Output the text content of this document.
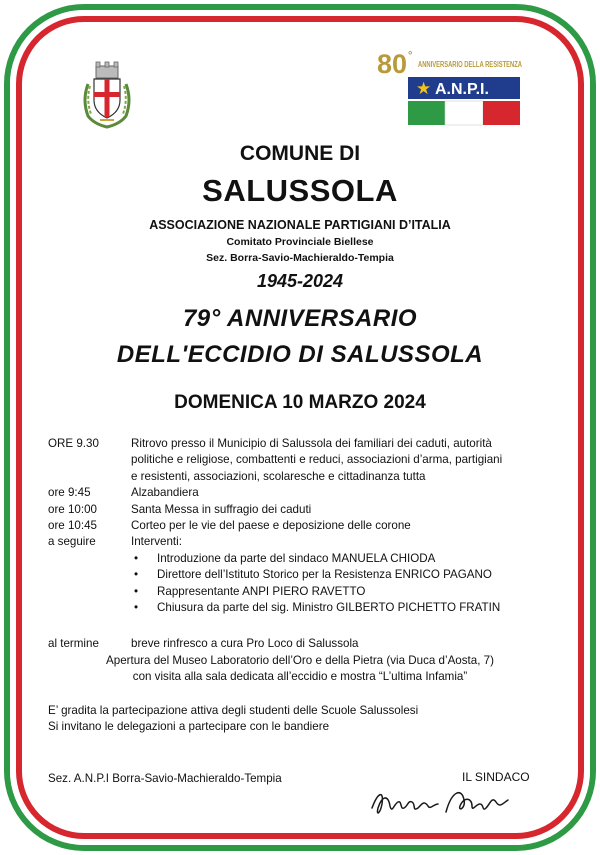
80 °
ANNIVERSARIO DELLA RESISTENZA
★ A.N.P.I.
COMUNE DI
SALUSSOLA
ASSOCIAZIONE NAZIONALE PARTIGIANI D’ITALIA
Comitato Provinciale Biellese
Sez. Borra-Savio-Machieraldo-Tempia
1945-2024
79° ANNIVERSARIO
DELL'ECCIDIO DI SALUSSOLA
DOMENICA 10 MARZO 2024
ORE 9.30	Ritrovo presso il Municipio di Salussola dei familiari dei caduti, autorità
politiche e religiose, combattenti e reduci, associazioni d’arma, partigiani
e resistenti, associazioni, scolaresche e cittadinanza tutta
ore 9:45	Alzabandiera
ore 10:00	Santa Messa in suffragio dei caduti
ore 10:45	Corteo per le vie del paese e deposizione delle corone
a seguire	Interventi:
• Introduzione da parte del sindaco MANUELA CHIODA
• Direttore dell’Istituto Storico per la Resistenza ENRICO PAGANO
• Rappresentante ANPI PIERO RAVETTO
• Chiusura da parte del sig. Ministro GILBERTO PICHETTO FRATIN
al termine	breve rinfresco a cura Pro Loco di Salussola
Apertura del Museo Laboratorio dell’Oro e della Pietra (via Duca d’Aosta, 7)
con visita alla sala dedicata all’eccidio e mostra “L’ultima Infamia”
E’ gradita la partecipazione attiva degli studenti delle Scuole Salussolesi
Si invitano le delegazioni a partecipare con le bandiere
Sez. A.N.P.I Borra-Savio-Machieraldo-Tempia	IL SINDACO
